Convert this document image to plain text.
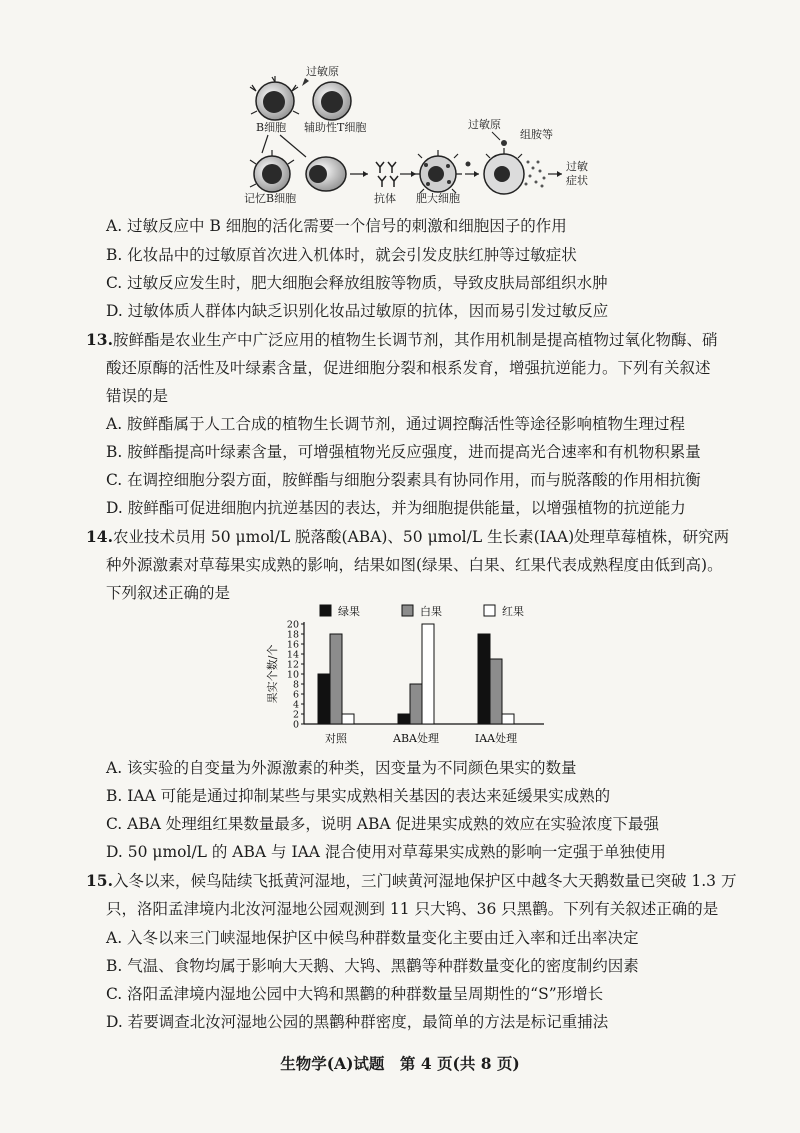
过敏原
B细胞 辅助性T细胞
记忆B细胞	抗体 肥大细胞
过敏原
组胺等
过敏
症状
A. 过敏反应中 B 细胞的活化需要一个信号的刺激和细胞因子的作用
B. 化妆品中的过敏原首次进入机体时，就会引发皮肤红肿等过敏症状
C. 过敏反应发生时，肥大细胞会释放组胺等物质，导致皮肤局部组织水肿
D. 过敏体质人群体内缺乏识别化妆品过敏原的抗体，因而易引发过敏反应
13.胺鲜酯是农业生产中广泛应用的植物生长调节剂，其作用机制是提高植物过氧化物酶、硝
酸还原酶的活性及叶绿素含量，促进细胞分裂和根系发育，增强抗逆能力。下列有关叙述
错误的是
A. 胺鲜酯属于人工合成的植物生长调节剂，通过调控酶活性等途径影响植物生理过程
B. 胺鲜酯提高叶绿素含量，可增强植物光反应强度，进而提高光合速率和有机物积累量
C. 在调控细胞分裂方面，胺鲜酯与细胞分裂素具有协同作用，而与脱落酸的作用相抗衡
D. 胺鲜酯可促进细胞内抗逆基因的表达，并为细胞提供能量，以增强植物的抗逆能力
14.农业技术员用 50 μmol/L 脱落酸(ABA)、50 μmol/L 生长素(IAA)处理草莓植株，研究两
种外源激素对草莓果实成熟的影响，结果如图(绿果、白果、红果代表成熟程度由低到高)。
下列叙述正确的是
绿果	白果	红果
0
2
4
6
8
10
12
14
16
18
20
果实个数/个
对照	ABA处理	IAA处理
A. 该实验的自变量为外源激素的种类，因变量为不同颜色果实的数量
B. IAA 可能是通过抑制某些与果实成熟相关基因的表达来延缓果实成熟的
C. ABA 处理组红果数量最多，说明 ABA 促进果实成熟的效应在实验浓度下最强
D. 50 μmol/L 的 ABA 与 IAA 混合使用对草莓果实成熟的影响一定强于单独使用
15.入冬以来，候鸟陆续飞抵黄河湿地，三门峡黄河湿地保护区中越冬大天鹅数量已突破 1.3 万
只，洛阳孟津境内北汝河湿地公园观测到 11 只大鸨、36 只黑鹳。下列有关叙述正确的是
A. 入冬以来三门峡湿地保护区中候鸟种群数量变化主要由迁入率和迁出率决定
B. 气温、食物均属于影响大天鹅、大鸨、黑鹳等种群数量变化的密度制约因素
C. 洛阳孟津境内湿地公园中大鸨和黑鹳的种群数量呈周期性的“S”形增长
D. 若要调查北汝河湿地公园的黑鹳种群密度，最简单的方法是标记重捕法
生物学(A)试题　第 4 页(共 8 页)
